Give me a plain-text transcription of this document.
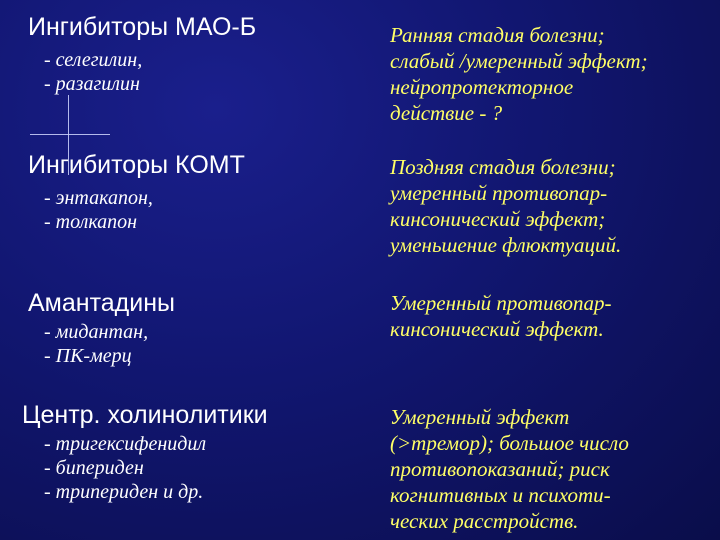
Ингибиторы МАО-Б
- селегилин,
- разагилин
Ранняя стадия болезни;
слабый /умеренный эффект;
нейропротекторное
действие - ?
Ингибиторы КОМТ
- энтакапон,
- толкапон
Поздняя стадия болезни;
умеренный противопар-
кинсонический эффект;
уменьшение флюктуаций.
Амантадины
- мидантан,
- ПК-мерц
Умеренный противопар-
кинсонический эффект.
Центр. холинолитики
- тригексифенидил
- бипериден
- трипериден и др.
Умеренный эффект
(>тремор); большое число
противопоказаний; риск
когнитивных и психоти-
ческих расстройств.
